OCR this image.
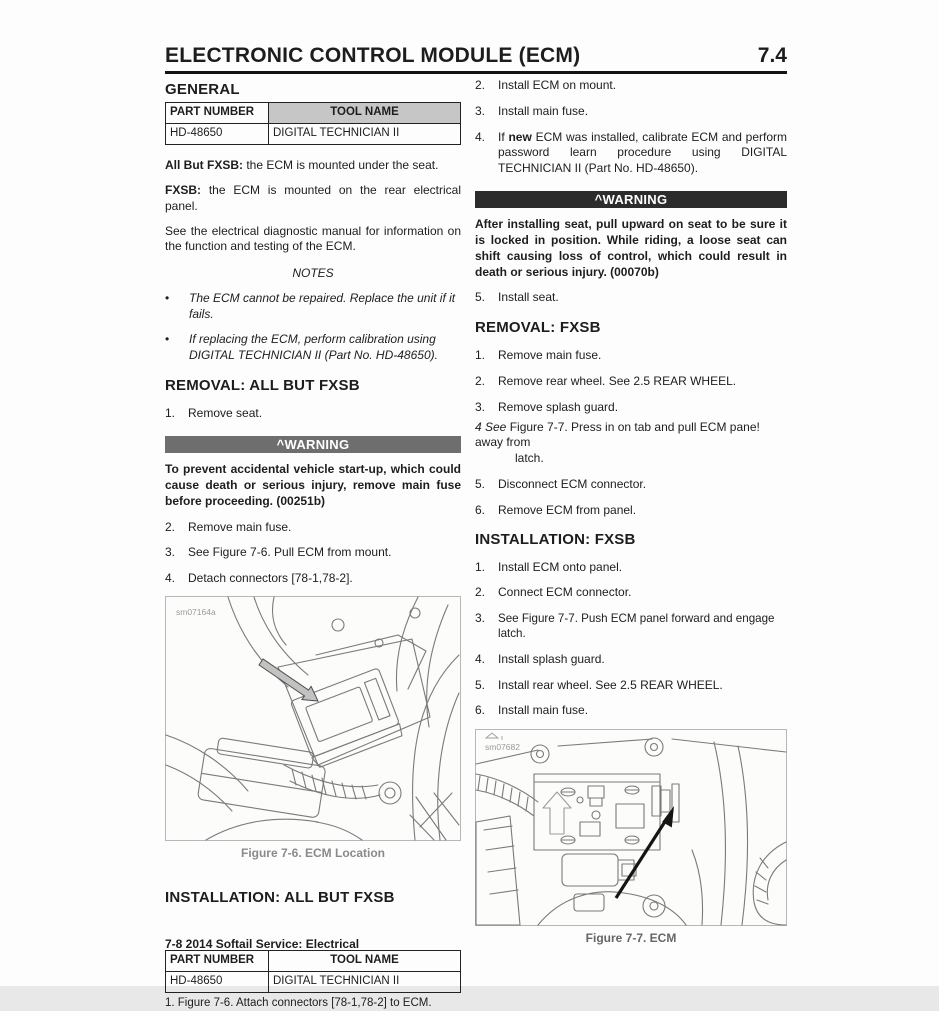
ELECTRONIC CONTROL MODULE (ECM)	7.4
GENERAL
PART NUMBER	TOOL NAME
HD-48650	DIGITAL TECHNICIAN II
All But FXSB: the ECM is mounted under the seat.
FXSB: the ECM is mounted on the rear electrical panel.
See the electrical diagnostic manual for information on the function and testing of the ECM.
NOTES
•	The ECM cannot be repaired. Replace the unit if it fails.
•	If replacing the ECM, perform calibration using DIGITAL TECHNICIAN II (Part No. HD-48650).
REMOVAL: ALL BUT FXSB
1.	Remove seat.
^WARNING
To prevent accidental vehicle start-up, which could cause death or serious injury, remove main fuse before proceeding. (00251b)
2.	Remove main fuse.
3.	See Figure 7-6. Pull ECM from mount.
4.	Detach connectors [78-1,78-2].
sm07164a
Figure 7-6. ECM Location
INSTALLATION: ALL BUT FXSB
PART NUMBER	TOOL NAME
HD-48650	DIGITAL TECHNICIAN II
1. Figure 7-6. Attach connectors [78-1,78-2] to ECM.
2.	Install ECM on mount.
3.	Install main fuse.
4.	If new ECM was installed, calibrate ECM and perform password learn procedure using DIGITAL TECHNICIAN II (Part No. HD-48650).
^WARNING
After installing seat, pull upward on seat to be sure it is locked in position. While riding, a loose seat can shift causing loss of control, which could result in death or serious injury. (00070b)
5.	Install seat.
REMOVAL: FXSB
1.	Remove main fuse.
2.	Remove rear wheel. See 2.5 REAR WHEEL.
3.	Remove splash guard.
4 See Figure 7-7. Press in on tab and pull ECM pane! away from
latch.
5.	Disconnect ECM connector.
6.	Remove ECM from panel.
INSTALLATION: FXSB
1.	Install ECM onto panel.
2.	Connect ECM connector.
3.	See Figure 7-7. Push ECM panel forward and engage latch.
4.	Install splash guard.
5.	Install rear wheel. See 2.5 REAR WHEEL.
6.	Install main fuse.
sm07682
Figure 7-7. ECM
7-8 2014 Softail Service: Electrical
